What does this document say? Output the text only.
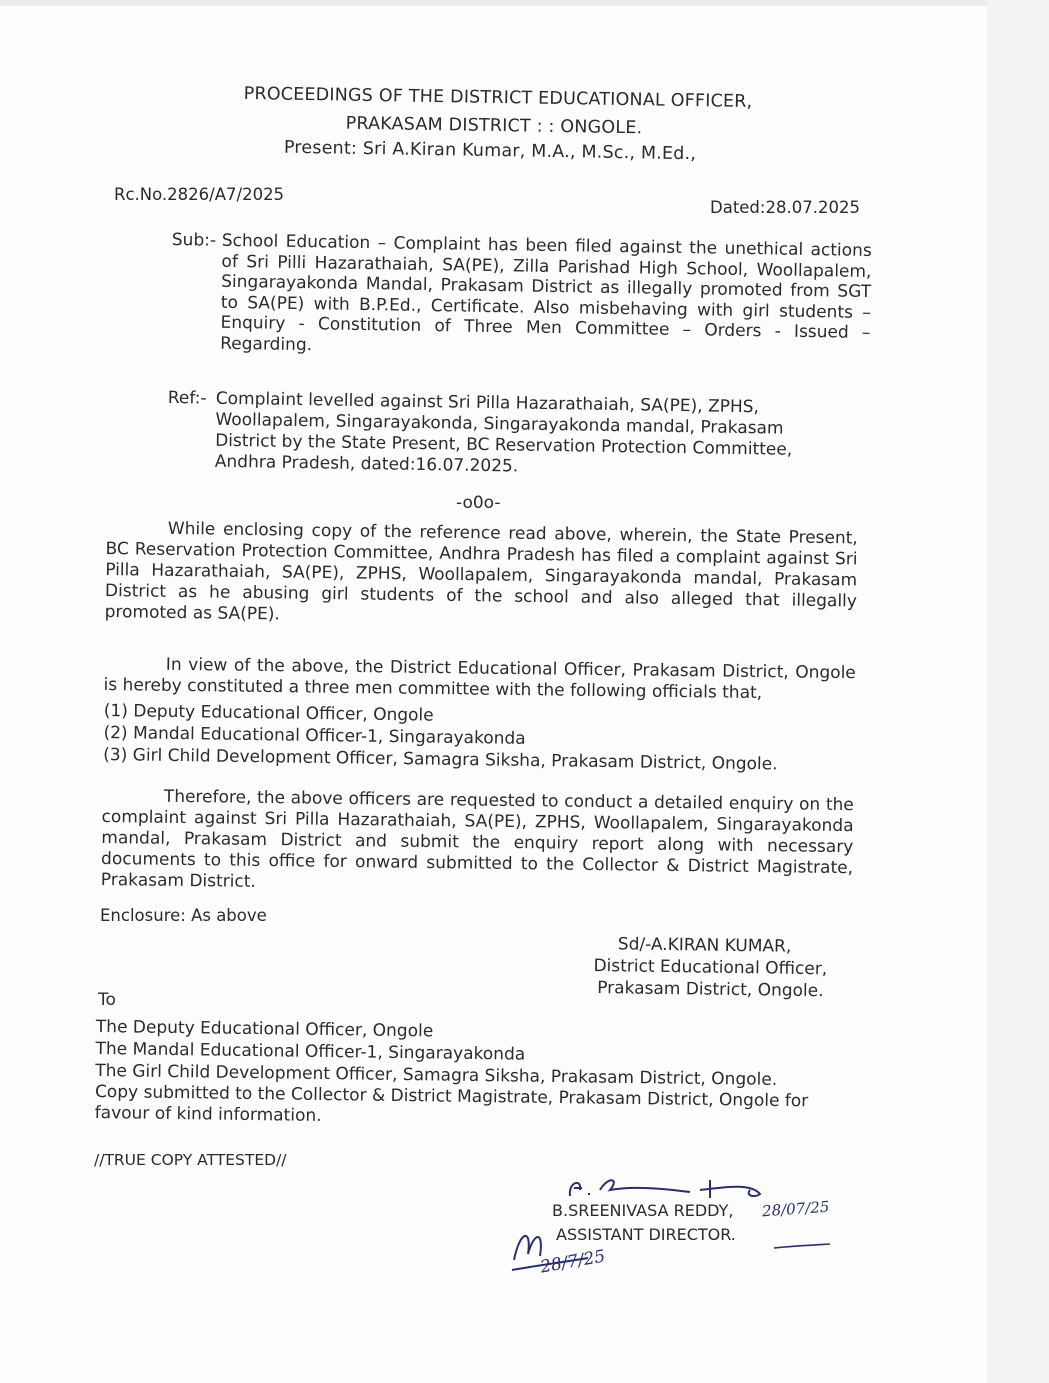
PROCEEDINGS OF THE DISTRICT EDUCATIONAL OFFICER,
PRAKASAM DISTRICT : : ONGOLE.
Present: Sri A.Kiran Kumar, M.A., M.Sc., M.Ed.,
Rc.No.2826/A7/2025
Dated:28.07.2025
Sub:- School Education – Complaint has been filed against the unethical actions of Sri Pilli Hazarathaiah, SA(PE), Zilla Parishad High School, Woollapalem, Singarayakonda Mandal, Prakasam District as illegally promoted from SGT to SA(PE) with B.P.Ed., Certificate. Also misbehaving with girl students – Enquiry - Constitution of Three Men Committee – Orders - Issued – Regarding.
Ref:- Complaint levelled against Sri Pilla Hazarathaiah, SA(PE), ZPHS, Woollapalem, Singarayakonda, Singarayakonda mandal, Prakasam District by the State Present, BC Reservation Protection Committee, Andhra Pradesh, dated:16.07.2025.
-o0o-
While enclosing copy of the reference read above, wherein, the State Present, BC Reservation Protection Committee, Andhra Pradesh has filed a complaint against Sri Pilla Hazarathaiah, SA(PE), ZPHS, Woollapalem, Singarayakonda mandal, Prakasam District as he abusing girl students of the school and also alleged that illegally promoted as SA(PE).
In view of the above, the District Educational Officer, Prakasam District, Ongole is hereby constituted a three men committee with the following officials that,
(1) Deputy Educational Officer, Ongole
(2) Mandal Educational Officer-1, Singarayakonda
(3) Girl Child Development Officer, Samagra Siksha, Prakasam District, Ongole.
Therefore, the above officers are requested to conduct a detailed enquiry on the complaint against Sri Pilla Hazarathaiah, SA(PE), ZPHS, Woollapalem, Singarayakonda mandal, Prakasam District and submit the enquiry report along with necessary documents to this office for onward submitted to the Collector & District Magistrate, Prakasam District.
Enclosure: As above
Sd/-A.KIRAN KUMAR,
District Educational Officer,
Prakasam District, Ongole.
To
The Deputy Educational Officer, Ongole
The Mandal Educational Officer-1, Singarayakonda
The Girl Child Development Officer, Samagra Siksha, Prakasam District, Ongole.
Copy submitted to the Collector & District Magistrate, Prakasam District, Ongole for favour of kind information.
//TRUE COPY ATTESTED//
B.SREENIVASA REDDY, 28/07/25
ASSISTANT DIRECTOR.
28/7/25
